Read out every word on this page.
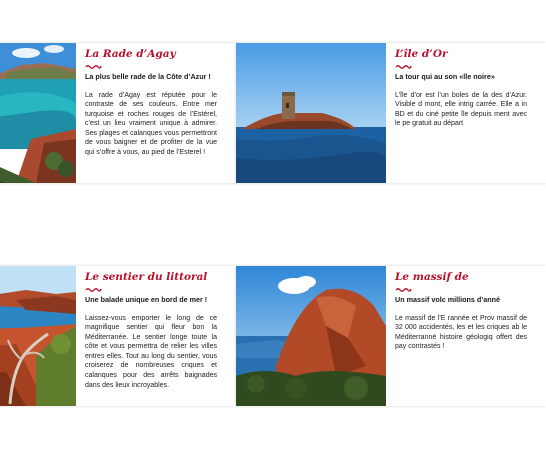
La Rade d’Agay

La plus belle rade de la Côte d’Azur !

La rade d’Agay est réputée pour le contraste de ses couleurs. Entre mer turquoise et roches rouges de l’Estérel, c’est un lieu vraiment unique à admirer. Ses plages et calanques vous permettront de vous baigner et de profiter de la vue qui s’offre à vous, au pied de l’Esterel !

L’île d’Or

La tour qui au son «lle noire»

L’île d’or est l’un boles de la des d’Azur. Visible d mont, elle intrig carrée. Elle a in BD et du ciné petite île depuis ment avec le pe gratuit au départ

Le sentier du littoral

Une balade unique en bord de mer !

Laissez-vous emporter le long de ce magnifique sentier qui fleur bon la Méditerranée. Le sentier longe toute la côte et vous permettra de relier les villes entres elles. Tout au long du sentier, vous croiserez de nombreuses criques et calanques pour des arrêts baignades dans des lieux incroyables.

Le massif de

Un massif volc millions d’anné

Le massif de l’E rannée et Prov massif de 32 000 accidentés, les et les criques ab le Méditerranné histoire géologiq offert des pay contrastés !
